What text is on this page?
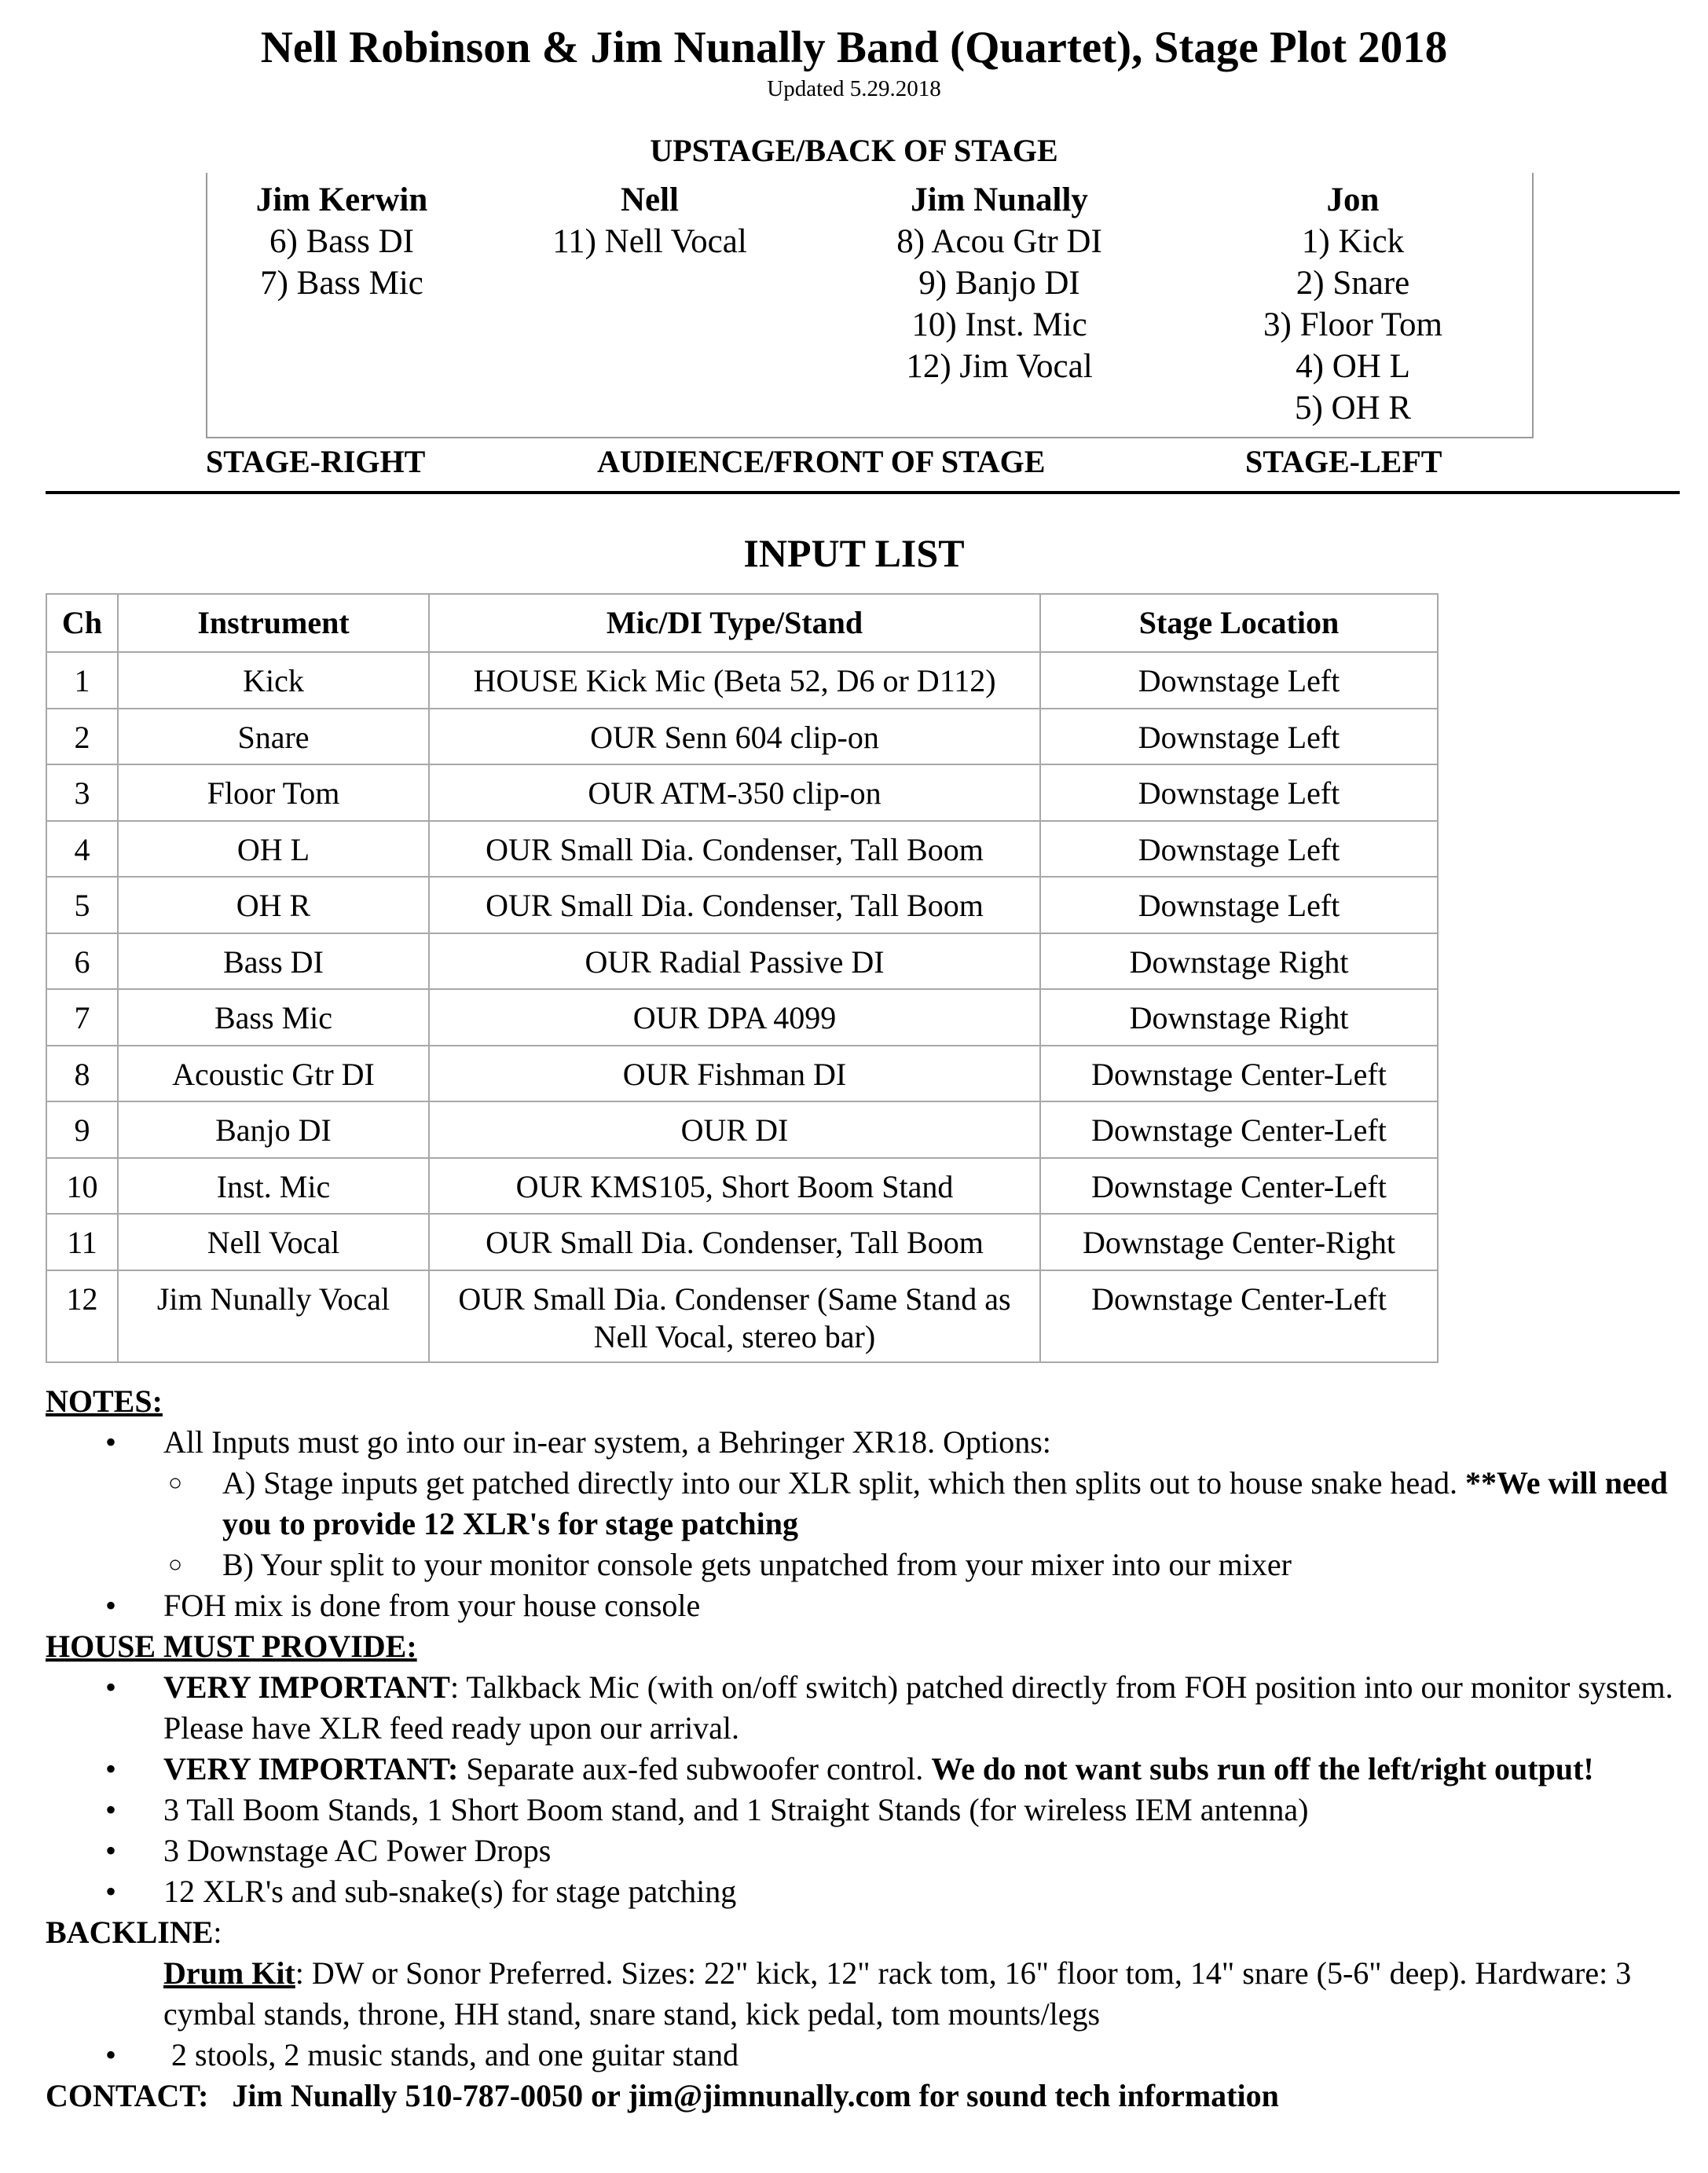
Nell Robinson & Jim Nunally Band (Quartet), Stage Plot 2018
Updated 5.29.2018
UPSTAGE/BACK OF STAGE
Jim Kerwin
6) Bass DI
7) Bass Mic
Nell
11) Nell Vocal
Jim Nunally
8) Acou Gtr DI
9) Banjo DI
10) Inst. Mic
12) Jim Vocal
Jon
1) Kick
2) Snare
3) Floor Tom
4) OH L
5) OH R
STAGE-RIGHT	AUDIENCE/FRONT OF STAGE	STAGE-LEFT
INPUT LIST
Ch	Instrument	Mic/DI Type/Stand	Stage Location
1	Kick	HOUSE Kick Mic (Beta 52, D6 or D112)	Downstage Left
2	Snare	OUR Senn 604 clip-on	Downstage Left
3	Floor Tom	OUR ATM-350 clip-on	Downstage Left
4	OH L	OUR Small Dia. Condenser, Tall Boom	Downstage Left
5	OH R	OUR Small Dia. Condenser, Tall Boom	Downstage Left
6	Bass DI	OUR Radial Passive DI	Downstage Right
7	Bass Mic	OUR DPA 4099	Downstage Right
8	Acoustic Gtr DI	OUR Fishman DI	Downstage Center-Left
9	Banjo DI	OUR DI	Downstage Center-Left
10	Inst. Mic	OUR KMS105, Short Boom Stand	Downstage Center-Left
11	Nell Vocal	OUR Small Dia. Condenser, Tall Boom	Downstage Center-Right
12	Jim Nunally Vocal	OUR Small Dia. Condenser (Same Stand as Nell Vocal, stereo bar)	Downstage Center-Left
NOTES:
• All Inputs must go into our in-ear system, a Behringer XR18. Options:
○ A) Stage inputs get patched directly into our XLR split, which then splits out to house snake head. **We will need you to provide 12 XLR's for stage patching
○ B) Your split to your monitor console gets unpatched from your mixer into our mixer
• FOH mix is done from your house console
HOUSE MUST PROVIDE:
• VERY IMPORTANT: Talkback Mic (with on/off switch) patched directly from FOH position into our monitor system. Please have XLR feed ready upon our arrival.
• VERY IMPORTANT: Separate aux-fed subwoofer control. We do not want subs run off the left/right output!
• 3 Tall Boom Stands, 1 Short Boom stand, and 1 Straight Stands (for wireless IEM antenna)
• 3 Downstage AC Power Drops
• 12 XLR's and sub-snake(s) for stage patching
BACKLINE:
Drum Kit: DW or Sonor Preferred. Sizes: 22" kick, 12" rack tom, 16" floor tom, 14" snare (5-6" deep). Hardware: 3 cymbal stands, throne, HH stand, snare stand, kick pedal, tom mounts/legs
• 2 stools, 2 music stands, and one guitar stand
CONTACT:   Jim Nunally 510-787-0050 or jim@jimnunally.com for sound tech information
